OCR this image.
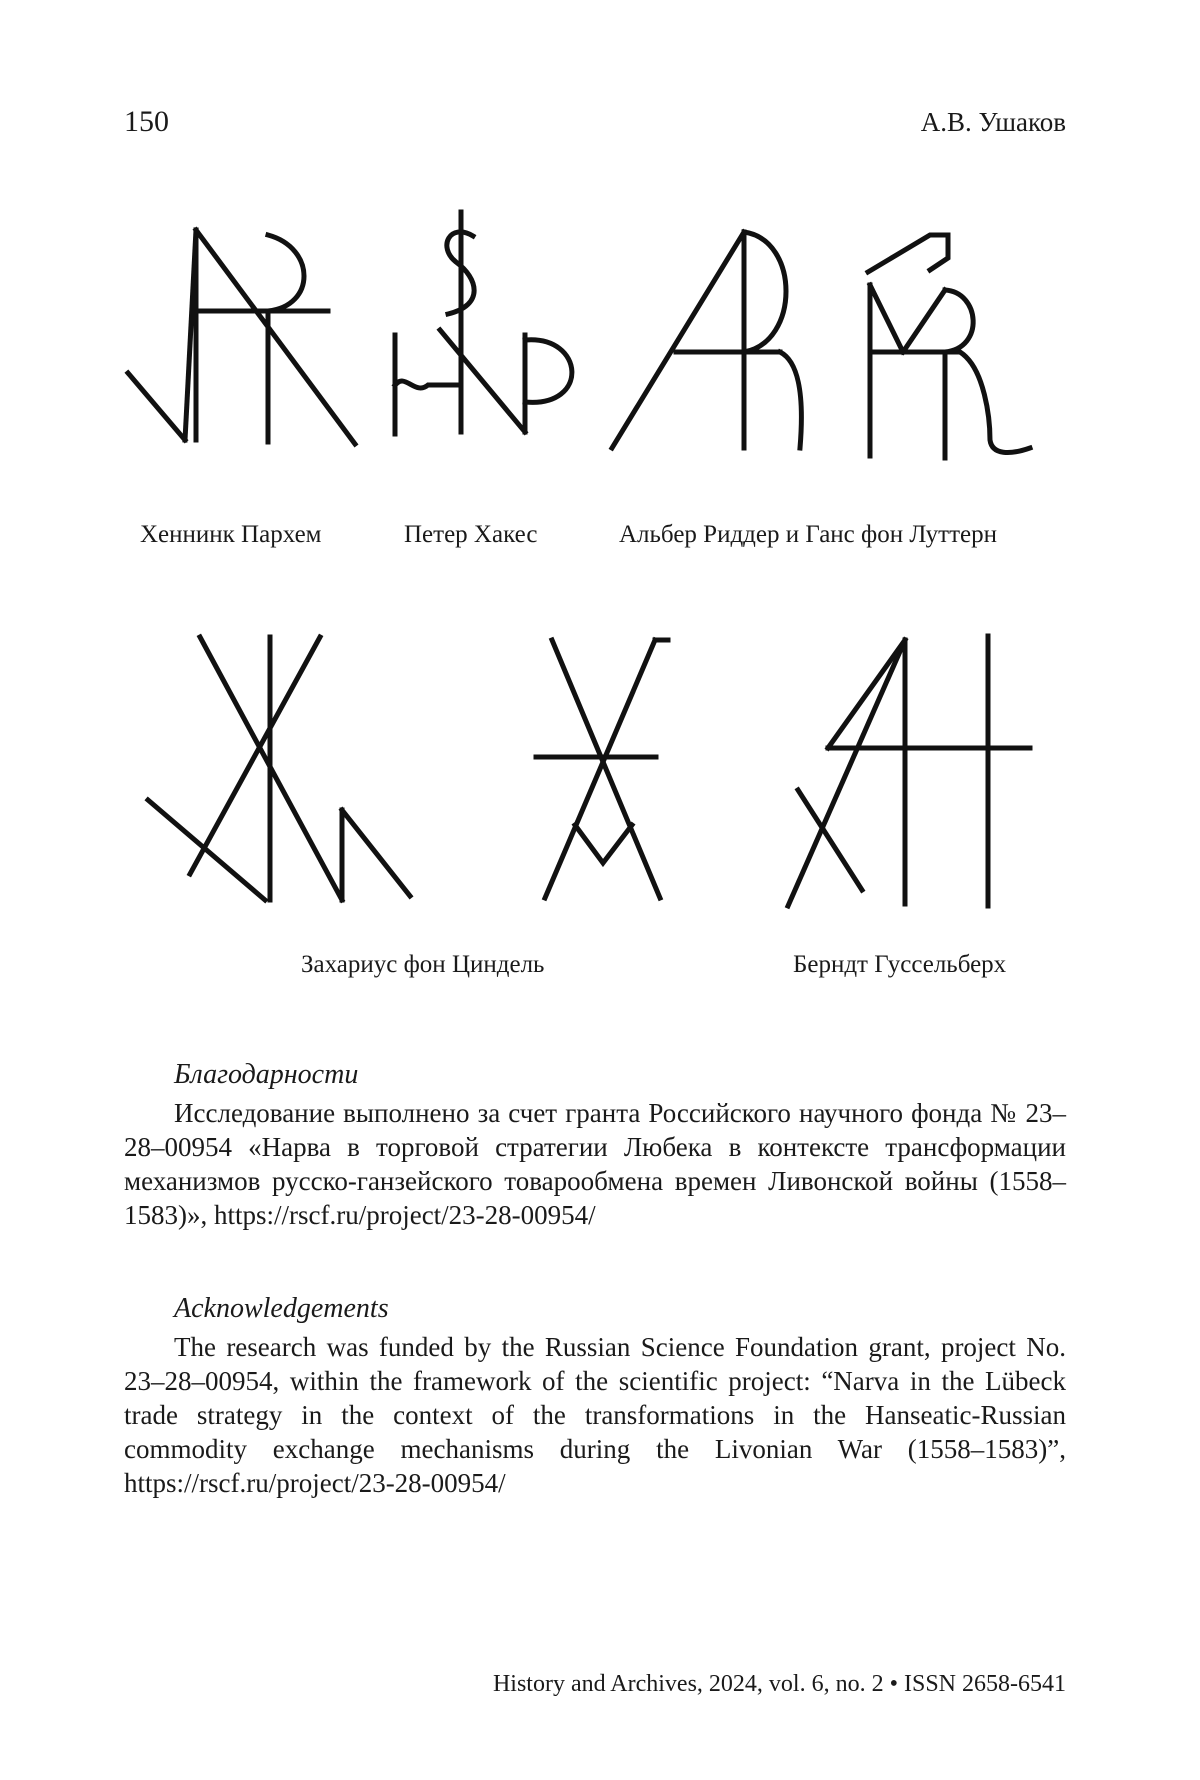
150	А.В. Ушаков
Хеннинк Пархем	Петер Хакес	Альбер Риддер и Ганс фон Луттерн
Захариус фон Циндель	Берндт Гуссельберх
Благодарности
Исследование выполнено за счет гранта Российского научного фонда № 23–28–00954 «Нарва в торговой стратегии Любека в контексте трансформации механизмов русско-ганзейского товарообмена времен Ливонской войны (1558–1583)», https://rscf.ru/project/23-28-00954/
Acknowledgements
The research was funded by the Russian Science Foundation grant, project No. 23–28–00954, within the framework of the scientific project: “Narva in the Lübeck trade strategy in the context of the transformations in the Hanseatic-Russian commodity exchange mechanisms during the Livonian War (1558–1583)”, https://rscf.ru/project/23-28-00954/
History and Archives, 2024, vol. 6, no. 2 • ISSN 2658-6541
